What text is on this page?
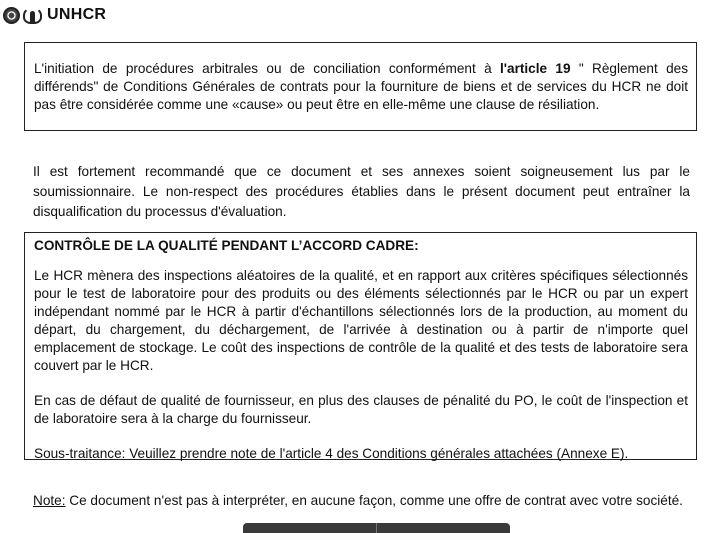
UNHCR

L'initiation de procédures arbitrales ou de conciliation conformément à l'article 19 " Règlement des différends" de Conditions Générales de contrats pour la fourniture de biens et de services du HCR ne doit pas être considérée comme une «cause» ou peut être en elle-même une clause de résiliation.

Il est fortement recommandé que ce document et ses annexes soient soigneusement lus par le soumissionnaire. Le non-respect des procédures établies dans le présent document peut entraîner la disqualification du processus d'évaluation.

CONTRÔLE DE LA QUALITÉ PENDANT L’ACCORD CADRE:

Le HCR mènera des inspections aléatoires de la qualité, et en rapport aux critères spécifiques sélectionnés pour le test de laboratoire pour des produits ou des éléments sélectionnés par le HCR ou par un expert indépendant nommé par le HCR à partir d'échantillons sélectionnés lors de la production, au moment du départ, du chargement, du déchargement, de l'arrivée à destination ou à partir de n'importe quel emplacement de stockage. Le coût des inspections de contrôle de la qualité et des tests de laboratoire sera couvert par le HCR.

En cas de défaut de qualité de fournisseur, en plus des clauses de pénalité du PO, le coût de l'inspection et de laboratoire sera à la charge du fournisseur.

Sous-traitance: Veuillez prendre note de l'article 4 des Conditions générales attachées (Annexe E).

Note: Ce document n'est pas à interpréter, en aucune façon, comme une offre de contrat avec votre société.
